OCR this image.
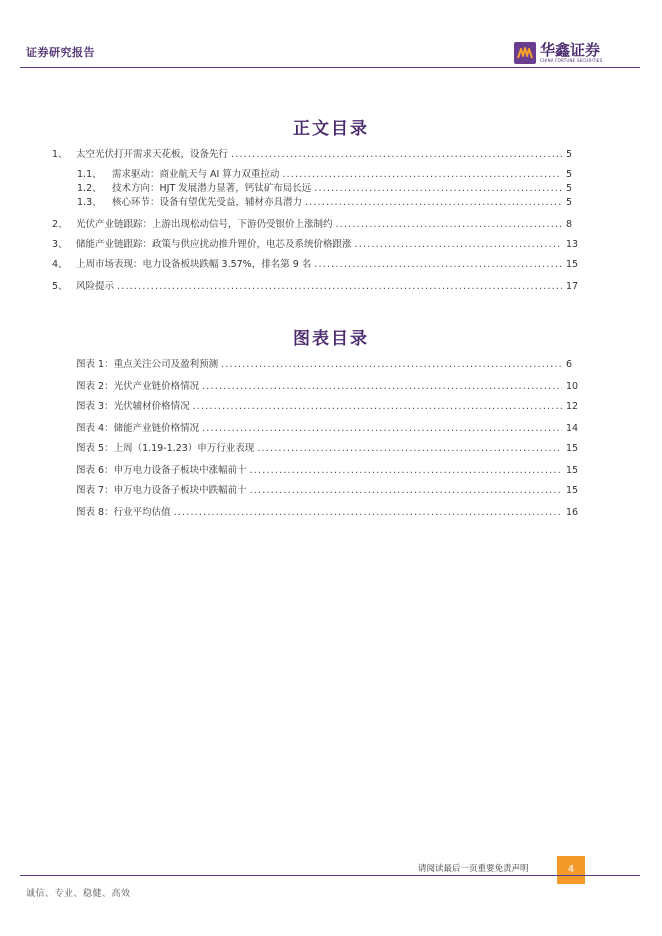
证券研究报告	华鑫证券
CHINA FORTUNE SECURITIES
正文目录
1、 太空光伏打开需求天花板，设备先行 .....	5
1.1、 需求驱动：商业航天与 AI 算力双重拉动 .....	5
1.2、 技术方向：HJT 发展潜力显著，钙钛矿布局长远 .....	5
1.3、 核心环节：设备有望优先受益，辅材亦具潜力 .....	5
2、 光伏产业链跟踪：上游出现松动信号，下游仍受银价上涨制约 .....	8
3、 储能产业链跟踪：政策与供应扰动推升锂价，电芯及系统价格跟涨 .....	13
4、 上周市场表现：电力设备板块跌幅 3.57%，排名第 9 名 .....	15
5、 风险提示 .....	17
图表目录
图表 1：重点关注公司及盈利预测 .....	6
图表 2：光伏产业链价格情况 .....	10
图表 3：光伏辅材价格情况 .....	12
图表 4：储能产业链价格情况 .....	14
图表 5：上周（1.19-1.23）申万行业表现 .....	15
图表 6：申万电力设备子板块中涨幅前十 .....	15
图表 7：申万电力设备子板块中跌幅前十 .....	15
图表 8：行业平均估值 .....	16
请阅读最后一页重要免责声明	4
诚信、专业、稳健、高效
